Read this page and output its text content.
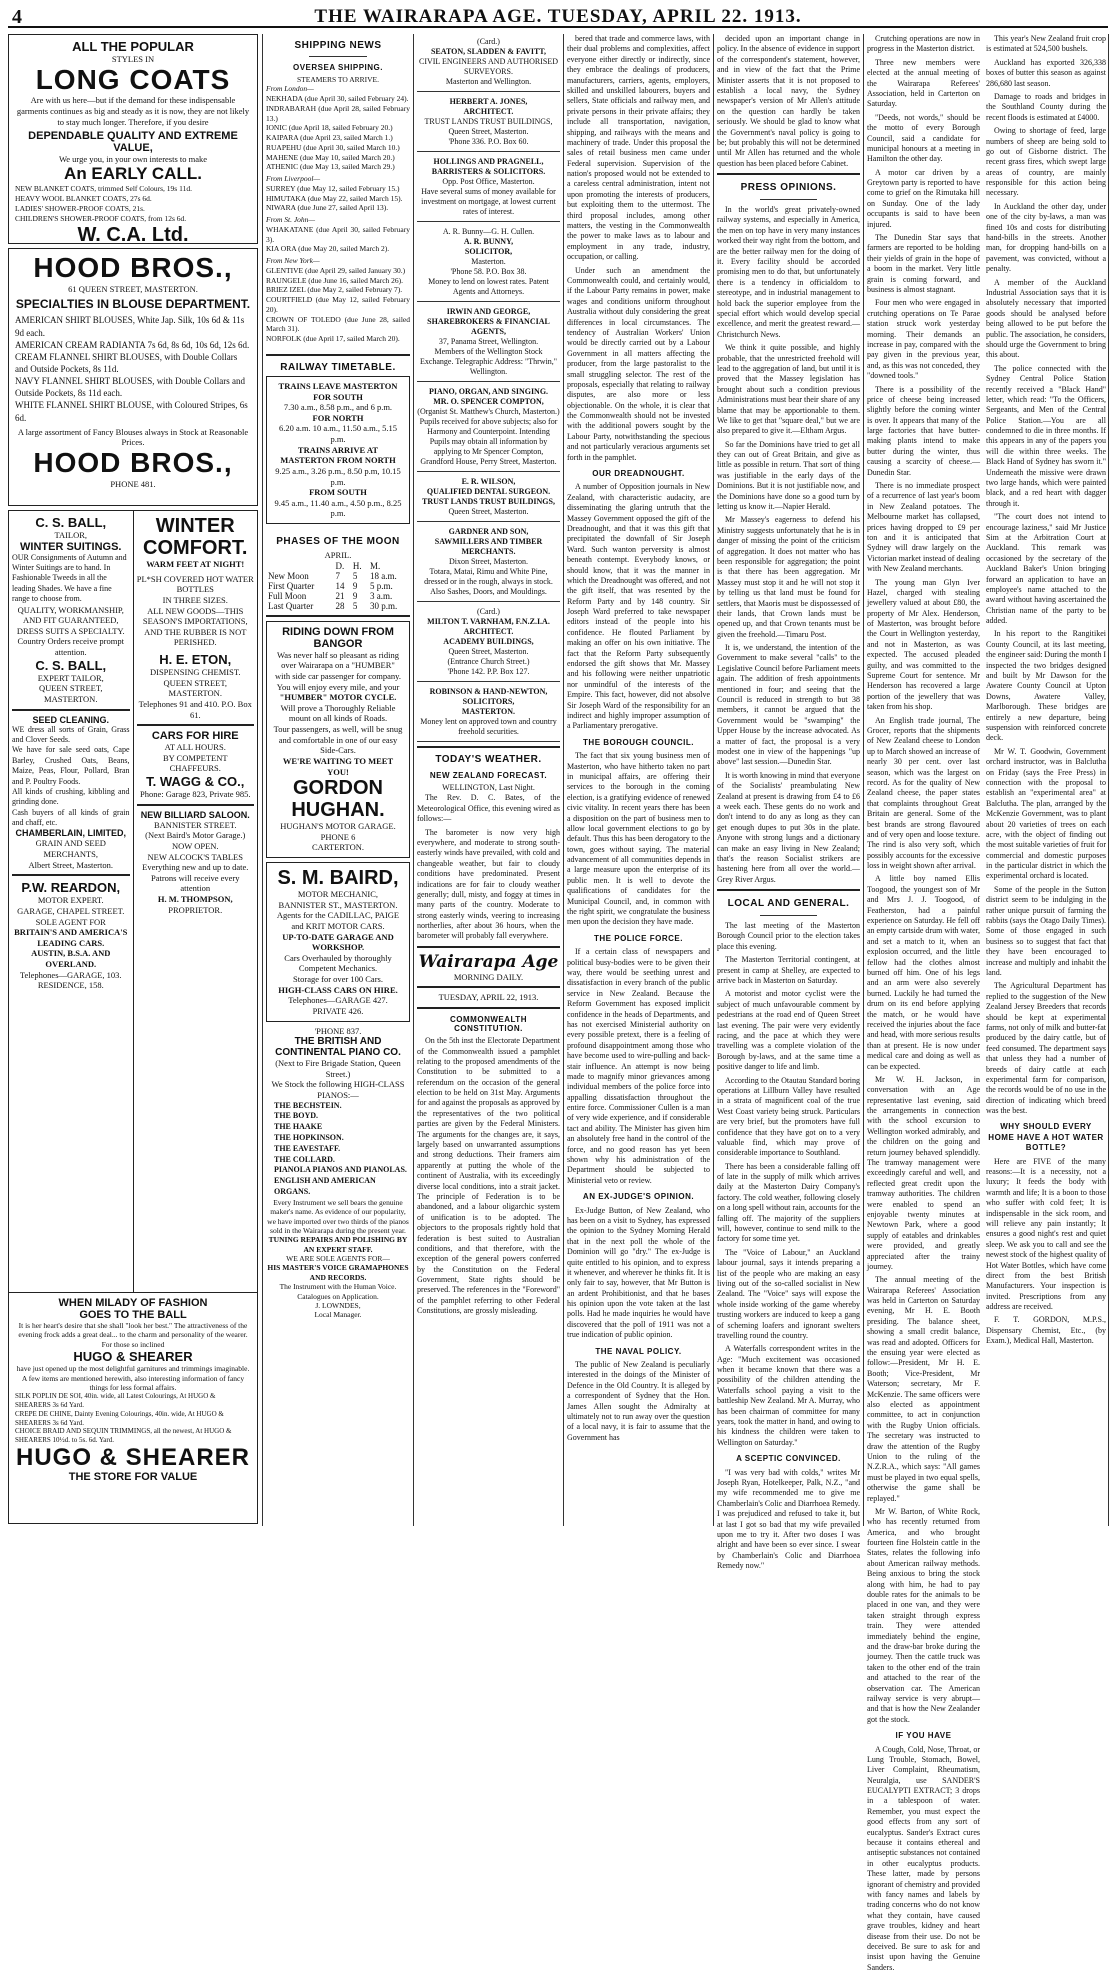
4	THE WAIRARAPA AGE. TUESDAY, APRIL 22. 1913.
ALL THE POPULAR
STYLES IN
LONG COATS
Are with us here—but if the demand for these indispensable garments continues as big and steady as it is now, they are not likely to stay much longer. Therefore, if you desire
DEPENDABLE QUALITY AND EXTREME VALUE,
We urge you, in your own interests to make
An EARLY CALL.
NEW BLANKET COATS, trimmed Self Colours, 19s 11d.
HEAVY WOOL BLANKET COATS, 27s 6d.
LADIES' SHOWER-PROOF COATS, 21s.
CHILDREN'S SHOWER-PROOF COATS, from 12s 6d.
W. C.A. Ltd.
HOOD BROS.,
61 QUEEN STREET, MASTERTON.
SPECIALTIES IN BLOUSE DEPARTMENT.
AMERICAN SHIRT BLOUSES, White Jap. Silk, 10s 6d & 11s 9d each.
AMERICAN CREAM RADIANTA 7s 6d, 8s 6d, 10s 6d, 12s 6d.
CREAM FLANNEL SHIRT BLOUSES, with Double Collars and Outside Pockets, 8s 11d.
NAVY FLANNEL SHIRT BLOUSES, with Double Collars and Outside Pockets, 8s 11d each.
WHITE FLANNEL SHIRT BLOUSE, with Coloured Stripes, 6s 6d.
A large assortment of Fancy Blouses always in Stock at Reasonable Prices.
HOOD BROS.,
PHONE 481.
C. S. BALL,
TAILOR,
WINTER SUITINGS.
OUR Consignments of Autumn and Winter Suitings are to hand. In Fashionable Tweeds in all the leading Shades. We have a fine range to choose from.
QUALITY, WORKMANSHIP, AND FIT GUARANTEED,
DRESS SUITS A SPECIALTY.
Country Orders receive prompt attention.
C. S. BALL,
EXPERT TAILOR,
QUEEN STREET, MASTERTON.
SEED CLEANING.
WE dress all sorts of Grain, Grass and Clover Seeds.
We have for sale seed oats, Cape Barley, Crushed Oats, Beans, Maize, Peas, Flour, Pollard, Bran and P. Poultry Foods.
All kinds of crushing, kibbling and grinding done.
Cash buyers of all kinds of grain and chaff, etc.
CHAMBERLAIN, LIMITED,
GRAIN AND SEED MERCHANTS,
Albert Street, Masterton.
P.W. REARDON,
MOTOR EXPERT.
GARAGE, CHAPEL STREET.
SOLE AGENT FOR
BRITAIN'S AND AMERICA'S LEADING CARS.
AUSTIN, B.S.A. AND OVERLAND.
Telephones—GARAGE, 103. RESIDENCE, 158.
WINTER
COMFORT.
WARM FEET AT NIGHT!
PL*SH COVERED HOT WATER BOTTLES
IN THREE SIZES.
ALL NEW GOODS—THIS SEASON'S IMPORTATIONS, AND THE RUBBER IS NOT PERISHED.
H. E. ETON,
DISPENSING CHEMIST.
QUEEN STREET, MASTERTON.
Telephones 91 and 410. P.O. Box 61.
CARS FOR HIRE
AT ALL HOURS.
BY COMPETENT CHAFFEURS.
T. WAGG & CO.,
Phone: Garage 823, Private 985.
NEW BILLIARD SALOON.
BANNISTER STREET.
(Next Baird's Motor Garage.)
NOW OPEN.
NEW ALCOCK'S TABLES
Everything new and up to date. Patrons will receive every attention
H. M. THOMPSON,
PROPRIETOR.
WHEN MILADY OF FASHION
GOES TO THE BALL
It is her heart's desire that she shall "look her best." The attractiveness of the evening frock adds a great deal... to the charm and personality of the wearer. For those so inclined
HUGO & SHEARER
have just opened up the most delightful garnitures and trimmings imaginable.
A few items are mentioned herewith, also interesting information of fancy things for less formal affairs.
SILK POPLIN DE SOI, 40in. wide, all Latest Colourings, At HUGO & SHEARERS 3s 6d Yard.
CREPE DE CHINE, Dainty Evening Colourings, 40in. wide, At HUGO & SHEARERS 3s 6d Yard.
CHOICE BRAID AND SEQUIN TRIMMINGS, all the newest, At HUGO & SHEARERS 10½d. to 5s. 6d. Yard.
HUGO & SHEARER
THE STORE FOR VALUE
SHIPPING NEWS
OVERSEA SHIPPING.
STEAMERS TO ARRIVE.
From London—
NEKHADA (due April 30, sailed February 24).
INDRABARAH (due April 28, sailed February 13.)
IONIC (due April 18, sailed February 20.)
KAIPARA (due April 23, sailed March 1.)
RUAPEHU (due April 30, sailed March 10.)
MAHENE (due May 10, sailed March 20.)
ATHENIC (due May 13, sailed March 29.)
From Liverpool—
SURREY (due May 12, sailed February 15.)
HIMUTAKA (due May 22, sailed March 15).
NIWARA (due June 27, sailed April 13).
From St. John—
WHAKATANE (due April 30, sailed February 3).
KIA ORA (due May 20, sailed March 2).
From New York—
GLENTIVE (due April 29, sailed January 30.)
RAUNGELE (due June 16, sailed March 26).
BRIEZ IZEL (due May 2, sailed February 7).
COURTFIELD (due May 12, sailed February 20).
CROWN OF TOLEDO (due June 28, sailed March 31).
NORFOLK (due April 17, sailed March 20).
RAILWAY TIMETABLE.
TRAINS LEAVE MASTERTON FOR SOUTH
7.30 a.m., 8.58 p.m., and 6 p.m.
FOR NORTH
6.20 a.m. 10 a.m., 11.50 a.m., 5.15 p.m.
TRAINS ARRIVE AT MASTERTON FROM NORTH
9.25 a.m., 3.26 p.m., 8.50 p.m, 10.15 p.m.
FROM SOUTH
9.45 a.m., 11.40 a.m., 4.50 p.m., 8.25 p.m.
PHASES OF THE MOON
APRIL.
	D.	H.	M.
New Moon	7	5	18 a.m.
First Quarter	14	9	5 p.m.
Full Moon	21	9	3 a.m.
Last Quarter	28	5	30 p.m.
RIDING DOWN FROM BANGOR
Was never half so pleasant as riding over Wairarapa on a "HUMBER" with side car passenger for company. You will enjoy every mile, and your
"HUMBER" MOTOR CYCLE.
Will prove a Thoroughly Reliable mount on all kinds of Roads.
Tour passengers, as well, will be snug and comfortable in one of our easy Side-Cars.
WE'RE WAITING TO MEET YOU!
GORDON HUGHAN.
HUGHAN'S MOTOR GARAGE.
PHONE 6
CARTERTON.
S. M. BAIRD,
MOTOR MECHANIC,
BANNISTER ST., MASTERTON.
Agents for the CADILLAC, PAIGE and KRIT MOTOR CARS.
UP-TO-DATE GARAGE AND WORKSHOP.
Cars Overhauled by thoroughly Competent Mechanics.
Storage for over 100 Cars.
HIGH-CLASS CARS ON HIRE.
Telephones—GARAGE 427. PRIVATE 426.
'PHONE 837.
THE BRITISH AND CONTINENTAL PIANO CO.
(Next to Fire Brigade Station, Queen Street.)
We Stock the following HIGH-CLASS PIANOS:—
THE BECHSTEIN.
THE BOYD.
THE HAAKE
THE HOPKINSON.
THE EAVESTAFF.
THE COLLARD.
PIANOLA PIANOS AND PIANOLAS.
ENGLISH AND AMERICAN ORGANS.
Every Instrument we sell bears the genuine maker's name. As evidence of our popularity, we have imported over two thirds of the pianos sold in the Wairarapa during the present year.
TUNING REPAIRS AND POLISHING BY AN EXPERT STAFF.
WE ARE SOLE AGENTS FOR—
HIS MASTER'S VOICE GRAMAPHONES AND RECORDS.
The Instrument with the Human Voice.
Catalogues on Application.
J. LOWNDES,
Local Manager.
(Card.)
SEATON, SLADDEN & FAVITT,
CIVIL ENGINEERS AND AUTHORISED SURVEYORS.
Masterton and Wellington.
HERBERT A. JONES,
ARCHITECT.
TRUST LANDS TRUST BUILDINGS, Queen Street, Masterton.
'Phone 336. P.O. Box 60.
HOLLINGS AND PRAGNELL,
BARRISTERS & SOLICITORS.
Opp. Post Office, Masterton.
Have several sums of money available for investment on mortgage, at lowest current rates of interest.
A. R. Bunny—G. H. Cullen.
A. R. BUNNY,
SOLICITOR,
Masterton.
'Phone 58. P.O. Box 38.
Money to lend on lowest rates. Patent Agents and Attorneys.
IRWIN AND GEORGE,
SHAREBROKERS & FINANCIAL AGENTS,
37, Panama Street, Wellington.
Members of the Wellington Stock Exchange. Telegraphic Address: "Thrwin," Wellington.
PIANO, ORGAN, AND SINGING.
MR. O. SPENCER COMPTON,
(Organist St. Matthew's Church, Masterton.)
Pupils received for above subjects; also for Harmony and Counterpoint. Intending Pupils may obtain all information by applying to Mr Spencer Compton, Grandford House, Perry Street, Masterton.
E. R. WILSON,
QUALIFIED DENTAL SURGEON.
TRUST LANDS TRUST BUILDINGS,
Queen Street, Masterton.
GARDNER AND SON,
SAWMILLERS AND TIMBER MERCHANTS.
Dixon Street, Masterton.
Totara, Matai, Rimu and White Pine, dressed or in the rough, always in stock. Also Sashes, Doors, and Mouldings.
(Card.)
MILTON T. VARNHAM, F.N.Z.I.A.
ARCHITECT.
ACADEMY BUILDINGS,
Queen Street, Masterton.
(Entrance Church Street.)
'Phone 142. P.P. Box 127.
ROBINSON & HAND-NEWTON,
SOLICITORS,
MASTERTON.
Money lent on approved town and country freehold securities.
TODAY'S WEATHER.
NEW ZEALAND FORECAST.
WELLINGTON, Last Night.

The Rev. D. C. Bates, of the Meteorological Office, this evening wired as follows:—

The barometer is now very high everywhere, and moderate to strong south-easterly winds have prevailed, with cold and changeable weather, but fair to cloudy conditions have predominated. Present indications are for fair to cloudy weather generally; dull, misty, and foggy at times in many parts of the country. Moderate to strong easterly winds, veering to increasing northerlies, after about 36 hours, when the barometer will probably fall everywhere.

Wairarapa Age
MORNING DAILY.
TUESDAY, APRIL 22, 1913.
COMMONWEALTH CONSTITUTION.

On the 5th inst the Electorate Department of the Commonwealth issued a pamphlet relating to the proposed amendments of the Constitution to be submitted to a referendum on the occasion of the general election to be held on 31st May. Arguments for and against the proposals as approved by the representatives of the two political parties are given by the Federal Ministers. The arguments for the changes are, it says, largely based on unwarranted assumptions and strong deductions. Their framers aim apparently at putting the whole of the continent of Australia, with its exceedingly diverse local conditions, into a strait jacket. The principle of Federation is to be abandoned, and a labour oligarchic system of unification is to be adopted. The objectors to the proposals rightly hold that federation is best suited to Australian conditions, and that therefore, with the exception of the general powers conferred by the Constitution on the Federal Government, State rights should be preserved. The references in the "Foreword" of the pamphlet referring to other Federal Constitutions, are grossly misleading.

bered that trade and commerce laws, with their dual problems and complexities, affect everyone either directly or indirectly, since they embrace the dealings of producers, manufacturers, carriers, agents, employers, skilled and unskilled labourers, buyers and sellers, State officials and railway men, and private persons in their private affairs; they include all transportation, navigation, shipping, and railways with the means and machinery of trade. Under this proposal the sales of retail business men came under Federal supervision. Supervision of the nation's proposed would not be extended to a careless central administration, intent not upon promoting the interests of producers, but exploiting them to the uttermost. The third proposal includes, among other matters, the vesting in the Commonwealth the power to make laws as to labour and employment in any trade, industry, occupation, or calling.

Under such an amendment the Commonwealth could, and certainly would, if the Labour Party remains in power, make wages and conditions uniform throughout Australia without duly considering the great differences in local circumstances. The tendency of Australian Workers' Union would be directly carried out by a Labour Government in all matters affecting the producer, from the large pastoralist to the small struggling selector. The rest of the proposals, especially that relating to railway disputes, are also more or less objectionable. On the whole, it is clear that the Commonwealth should not be invested with the additional powers sought by the Labour Party, notwithstanding the specious and not particularly veracious arguments set forth in the pamphlet.

OUR DREADNOUGHT.

A number of Opposition journals in New Zealand, with characteristic audacity, are disseminating the glaring untruth that the Massey Government opposed the gift of the Dreadnought, and that it was this gift that precipitated the downfall of Sir Joseph Ward. Such wanton perversity is almost beneath contempt. Everybody knows, or should know, that it was the manner in which the Dreadnought was offered, and not the gift itself, that was resented by the Reform Party and by 148 country. Sir Joseph Ward preferred to take newspaper editors instead of the people into his confidence. He flouted Parliament by making an offer on his own initiative. The fact that the Reform Party subsequently endorsed the gift shows that Mr. Massey and his following were neither unpatriotic nor unmindful of the interests of the Empire. This fact, however, did not absolve Sir Joseph Ward of the responsibility for an indirect and highly improper assumption of a Parliamentary prerogative.

THE BOROUGH COUNCIL.

The fact that six young business men of Masterton, who have hitherto taken no part in municipal affairs, are offering their services to the borough in the coming election, is a gratifying evidence of renewed civic vitality. In recent years there has been a disposition on the part of business men to allow local government elections to go by default. Thus this has been derogatory to the town, goes without saying. The material advancement of all communities depends in a large measure upon the enterprise of its public men. It is well to devote the qualifications of candidates for the Municipal Council, and, in common with the right spirit, we congratulate the business men upon the decision they have made.

THE POLICE FORCE.

If a certain class of newspapers and political busy-bodies were to be given their way, there would be seething unrest and dissatisfaction in every branch of the public service in New Zealand. Because the Reform Government has exposed implicit confidence in the heads of Departments, and has not exercised Ministerial authority on every possible pretext, there is a feeling of profound disappointment among those who have become used to wire-pulling and back-stair influence. An attempt is now being made to magnify minor grievances among individual members of the police force into appalling dissatisfaction throughout the entire force. Commissioner Cullen is a man of very wide experience, and if considerable tact and ability. The Minister has given him an absolutely free hand in the control of the force, and no good reason has yet been shown why his administration of the Department should be subjected to Ministerial veto or review.

AN EX-JUDGE'S OPINION.

Ex-Judge Button, of New Zealand, who has been on a visit to Sydney, has expressed the opinion to the Sydney Morning Herald that in the next poll the whole of the Dominion will go "dry." The ex-Judge is quite entitled to his opinion, and to express it whenever, and wherever he thinks fit. It is only fair to say, however, that Mr Button is an ardent Prohibitionist, and that he bases his opinion upon the vote taken at the last polls. Had he made inquiries he would have discovered that the poll of 1911 was not a true indication of public opinion.

THE NAVAL POLICY.

The public of New Zealand is peculiarly interested in the doings of the Minister of Defence in the Old Country. It is alleged by a correspondent of Sydney that the Hon. James Allen sought the Admiralty at ultimately not to run away over the question of a local navy, it is fair to assume that the Government has

decided upon an important change in policy. In the absence of evidence in support of the correspondent's statement, however, and in view of the fact that the Prime Minister asserts that it is not proposed to establish a local navy, the Sydney newspaper's version of Mr Allen's attitude on the question can hardly be taken seriously. We should be glad to know what the Government's naval policy is going to be; but probably this will not be determined until Mr Allen has returned and the whole question has been placed before Cabinet.

PRESS OPINIONS.

In the world's great privately-owned railway systems, and especially in America, the men on top have in very many instances worked their way right from the bottom, and are the better railway men for the doing of it. Every facility should be accorded promising men to do that, but unfortunately there is a tendency in officialdom to stereotype, and in industrial management to hold back the superior employee from the special effort which would develop special excellence, and merit the greatest reward.—Christchurch News.

We think it quite possible, and highly probable, that the unrestricted freehold will lead to the aggregation of land, but until it is proved that the Massey legislation has brought about such a condition previous Administrations must bear their share of any blame that may be apportionable to them. We like to get that "square deal," but we are also prepared to give it.—Eltham Argus.

So far the Dominions have tried to get all they can out of Great Britain, and give as little as possible in return. That sort of thing was justifiable in the early days of the Dominions. But it is not justifiable now, and the Dominions have done so a good turn by letting us know it.—Napier Herald.

Mr Massey's eagerness to defend his Ministry suggests unfortunately that he is in danger of missing the point of the criticism of aggregation. It does not matter who has been responsible for aggregation; the point is that there has been aggregation. Mr Massey must stop it and he will not stop it by telling us that land must be found for settlers, that Maoris must be dispossessed of their lands, that Crown lands must be opened up, and that Crown tenants must be given the freehold.—Timaru Post.

It is, we understand, the intention of the Government to make several "calls" to the Legislative Council before Parliament meets again. The addition of fresh appointments mentioned in four; and seeing that the Council is reduced in strength to but 38 members, it cannot be argued that the Government would be "swamping" the Upper House by the increase advocated. As a matter of fact, the proposal is a very modest one in view of the happenings "up above" last session.—Dunedin Star.

It is worth knowing in mind that everyone of the Socialists' preambulating New Zealand at present is drawing from £4 to £6 a week each. These gents do no work and don't intend to do any as long as they can get enough dupes to put 30s in the plate. Anyone with strong lungs and a dictionary can make an easy living in New Zealand; that's the reason Socialist strikers are hastening here from all over the world.—Grey River Argus.

LOCAL AND GENERAL.

The last meeting of the Masterton Borough Council prior to the election takes place this evening.

The Masterton Territorial contingent, at present in camp at Shelley, are expected to arrive back in Masterton on Saturday.

A motorist and motor cyclist were the subject of much unfavourable comment by pedestrians at the road end of Queen Street last evening. The pair were very evidently racing, and the pace at which they were travelling was a complete violation of the Borough by-laws, and at the same time a positive danger to life and limb.

According to the Otautau Standard boring operations at Lillburn Valley have resulted in a strata of magnificent coal of the true West Coast variety being struck. Particulars are very brief, but the promoters have full confidence that they have got on to a very valuable find, which may prove of considerable importance to Southland.

There has been a considerable falling off of late in the supply of milk which arrives daily at the Masterton Dairy Company's factory. The cold weather, following closely on a long spell without rain, accounts for the falling off. The majority of the suppliers will, however, continue to send milk to the factory for some time yet.

The "Voice of Labour," an Auckland labour journal, says it intends preparing a list of the people who are making an easy living out of the so-called socialist in New Zealand. The "Voice" says will expose the whole inside working of the game whereby trusting workers are induced to keep a gang of scheming loafers and ignorant swelters travelling round the country.

A Waterfalls correspondent writes in the Age: "Much excitement was occasioned when it became known that there was a possibility of the children attending the Waterfalls school paying a visit to the battleship New Zealand. Mr A. Murray, who has been chairman of committee for many years, took the matter in hand, and owing to his kindness the children were taken to Wellington on Saturday."

A SCEPTIC CONVINCED.

"I was very bad with colds," writes Mr Joseph Ryan, Hotelkeeper, Palk, N.Z., "and my wife recommended me to give me Chamberlain's Colic and Diarrhoea Remedy. I was prejudiced and refused to take it, but at last I got so bad that my wife prevailed upon me to try it. After two doses I was alright and have been so ever since. I swear by Chamberlain's Colic and Diarrhoea Remedy now."

Crutching operations are now in progress in the Masterton district.

Three new members were elected at the annual meeting of the Wairarapa Referees' Association, held in Carterton on Saturday.

"Deeds, not words," should be the motto of every Borough Council, said a candidate for municipal honours at a meeting in Hamilton the other day.

A motor car driven by a Greytown party is reported to have come to grief on the Rimutaka hill on Sunday. One of the lady occupants is said to have been injured.

The Dunedin Star says that farmers are reported to be holding their yields of grain in the hope of a boom in the market. Very little grain is coming forward, and business is almost stagnant.

Four men who were engaged in crutching operations on Te Parae station struck work yesterday morning. Their demands an increase in pay, compared with the pay given in the previous year, and, as this was not conceded, they "downed tools."

There is a possibility of the price of cheese being increased slightly before the coming winter is over. It appears that many of the large factories that have butter-making plants intend to make butter during the winter, thus causing a scarcity of cheese.—Dunedin Star.

There is no immediate prospect of a recurrence of last year's boom in New Zealand potatoes. The Melbourne market has collapsed, prices having dropped to £9 per ton and it is anticipated that Sydney will draw largely on the Victorian market instead of dealing with New Zealand merchants.

The young man Glyn Iver Hazel, charged with stealing jewellery valued at about £80, the property of Mr Alex. Henderson, of Masterton, was brought before the Court in Wellington yesterday, and not in Masterton, as was expected. The accused pleaded guilty, and was committed to the Supreme Court for sentence. Mr Henderson has recovered a large portion of the jewellery that was taken from his shop.

An English trade journal, The Grocer, reports that the shipments of New Zealand cheese to London up to March showed an increase of nearly 30 per cent. over last season, which was the largest on record. As for the quality of New Zealand cheese, the paper states that complaints throughout Great Britain are general. Some of the best brands are strong flavoured and of very open and loose texture. The rind is also very soft, which possibly accounts for the excessive loss in weight shown after arrival.

A little boy named Ellis Toogood, the youngest son of Mr and Mrs J. J. Toogood, of Featherston, had a painful experience on Saturday. He fell off an empty cartside drum with water, and set a match to it, when an explosion occurred, and the little fellow had the clothes almost burned off him. One of his legs and an arm were also severely burned. Luckily he had turned the drum on its end before applying the match, or he would have received the injuries about the face and head, with more serious results than at present. He is now under medical care and doing as well as can be expected.

Mr W. H. Jackson, in conversation with an Age representative last evening, said the arrangements in connection with the school excursion to Wellington worked admirably, and the children on the going and return journey behaved splendidly. The tramway management were exceedingly careful and well, and reflected great credit upon the tramway authorities. The children were enabled to spend an enjoyable twenty minutes at Newtown Park, where a good supply of eatables and drinkables were provided, and greatly appreciated after the trainy journey.

The annual meeting of the Wairarapa Referees' Association was held in Carterton on Saturday evening, Mr H. E. Booth presiding. The balance sheet, showing a small credit balance, was read and adopted. Officers for the ensuing year were elected as follow:—President, Mr H. E. Booth; Vice-President, Mr Waterson; secretary, Mr F. McKenzie. The same officers were also elected as appointment committee, to act in conjunction with the Rugby Union officials. The secretary was instructed to draw the attention of the Rugby Union to the ruling of the N.Z.R.A., which says: "All games must be played in two equal spells, otherwise the game shall be replayed."

Mr W. Barton, of White Rock, who has recently returned from America, and who brought fourteen fine Holstein cattle in the States, relates the following info about American railway methods. Being anxious to bring the stock along with him, he had to pay double rates for the animals to be placed in one van, and they were taken straight through express train. They were attended immediately behind the engine, and the draw-bar broke during the journey. Then the cattle truck was taken to the other end of the train and attached to the rear of the observation car. The American railway service is very abrupt—and that is how the New Zealander got the stock.

IF YOU HAVE

A Cough, Cold, Nose, Throat, or Lung Trouble, Stomach, Bowel, Liver Complaint, Rheumatism, Neuralgia, use SANDER'S EUCALYPTI EXTRACT; 3 drops in a tablespoon of water. Remember, you must expect the good effects from any sort of eucalyptus. Sander's Extract cures because it contains ethereal and antiseptic substances not contained in other eucalyptus products. These latter, made by persons ignorant of chemistry and provided with fancy names and labels by trading concerns who do not know what they contain, have caused grave troubles, kidney and heart disease from their use. Do not be deceived. Be sure to ask for and insist upon having the Genuine Sanders.

This year's New Zealand fruit crop is estimated at 524,500 bushels.

Auckland has exported 326,338 boxes of butter this season as against 286,680 last season.

Damage to roads and bridges in the Southland County during the recent floods is estimated at £4000.

Owing to shortage of feed, large numbers of sheep are being sold to go out of Gisborne district. The recent grass fires, which swept large areas of country, are mainly responsible for this action being necessary.

In Auckland the other day, under one of the city by-laws, a man was fined 10s and costs for distributing hand-bills in the streets. Another man, for dropping hand-bills on a pavement, was convicted, without a penalty.

A member of the Auckland Industrial Association says that it is absolutely necessary that imported goods should be analysed before being allowed to be put before the public. The association, he considers, should urge the Government to bring this about.

The police connected with the Sydney Central Police Station recently received a "Black Hand" letter, which read: "To the Officers, Sergeants, and Men of the Central Police Station.—You are all condemned to die in three months. If this appears in any of the papers you will die within three weeks. The Black Hand of Sydney has sworn it." Underneath the missive were drawn two large hands, which were painted black, and a red heart with dagger through it.

"The court does not intend to encourage laziness," said Mr Justice Sim at the Arbitration Court at Auckland. This remark was occasioned by the secretary of the Auckland Baker's Union bringing forward an application to have an employee's name attached to the award without having ascertained the Christian name of the party to be added.

In his report to the Rangitikei County Council, at its last meeting, the engineer said: During the month I inspected the two bridges designed and built by Mr Dawson for the Awatere County Council at Upton Downs, Awatere Valley, Marlborough. These bridges are entirely a new departure, being suspension with reinforced concrete deck.

Mr W. T. Goodwin, Government orchard instructor, was in Balclutha on Friday (says the Free Press) in connection with the proposal to establish an "experimental area" at Balclutha. The plan, arranged by the McKenzie Government, was to plant about 20 varieties of trees on each acre, with the object of finding out the most suitable varieties of fruit for commercial and domestic purposes in the particular district in which the experimental orchard is located.

Some of the people in the Sutton district seem to be indulging in the rather unique pursuit of farming the rabbits (says the Otago Daily Times). Some of those engaged in such business so to suggest that fact that they have been encouraged to increase and multiply and inhabit the land.

The Agricultural Department has replied to the suggestion of the New Zealand Jersey Breeders that records should be kept at experimental farms, not only of milk and butter-fat produced by the dairy cattle, but of feed consumed. The department says that unless they had a number of breeds of dairy cattle at each experimental farm for comparison, the records would be of no use in the direction of indicating which breed was the best.

WHY SHOULD EVERY HOME HAVE A HOT WATER BOTTLE?

Here are FIVE of the many reasons:—It is a necessity, not a luxury; It feeds the body with warmth and life; It is a boon to those who suffer with cold feet; It is indispensable in the sick room, and will relieve any pain instantly; It ensures a good night's rest and quiet sleep. We ask you to call and see the newest stock of the highest quality of Hot Water Bottles, which have come direct from the best British Manufacturers. Your inspection is invited. Prescriptions from any address are received.

F. T. GORDON, M.P.S., Dispensary Chemist, Etc., (by Exam.), Medical Hall, Masterton.
